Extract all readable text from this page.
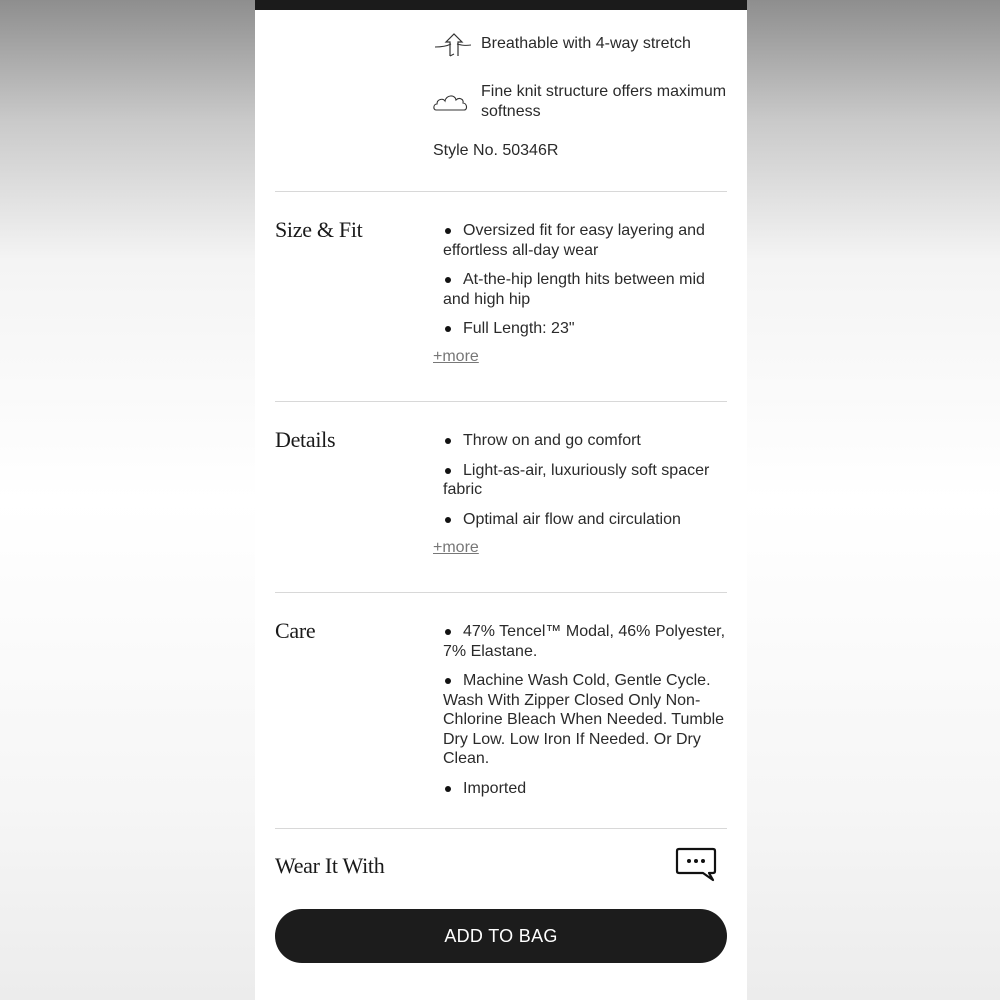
Breathable with 4-way stretch
Fine knit structure offers maximum softness
Style No. 50346R
Size & Fit	Oversized fit for easy layering and effortless all-day wear
At-the-hip length hits between mid and high hip
Full Length: 23"
+more
Details	Throw on and go comfort
Light-as-air, luxuriously soft spacer fabric
Optimal air flow and circulation
+more
Care	47% Tencel™ Modal, 46% Polyester, 7% Elastane.
Machine Wash Cold, Gentle Cycle. Wash With Zipper Closed Only Non-Chlorine Bleach When Needed. Tumble Dry Low. Low Iron If Needed. Or Dry Clean.
Imported
Wear It With
ADD TO BAG
